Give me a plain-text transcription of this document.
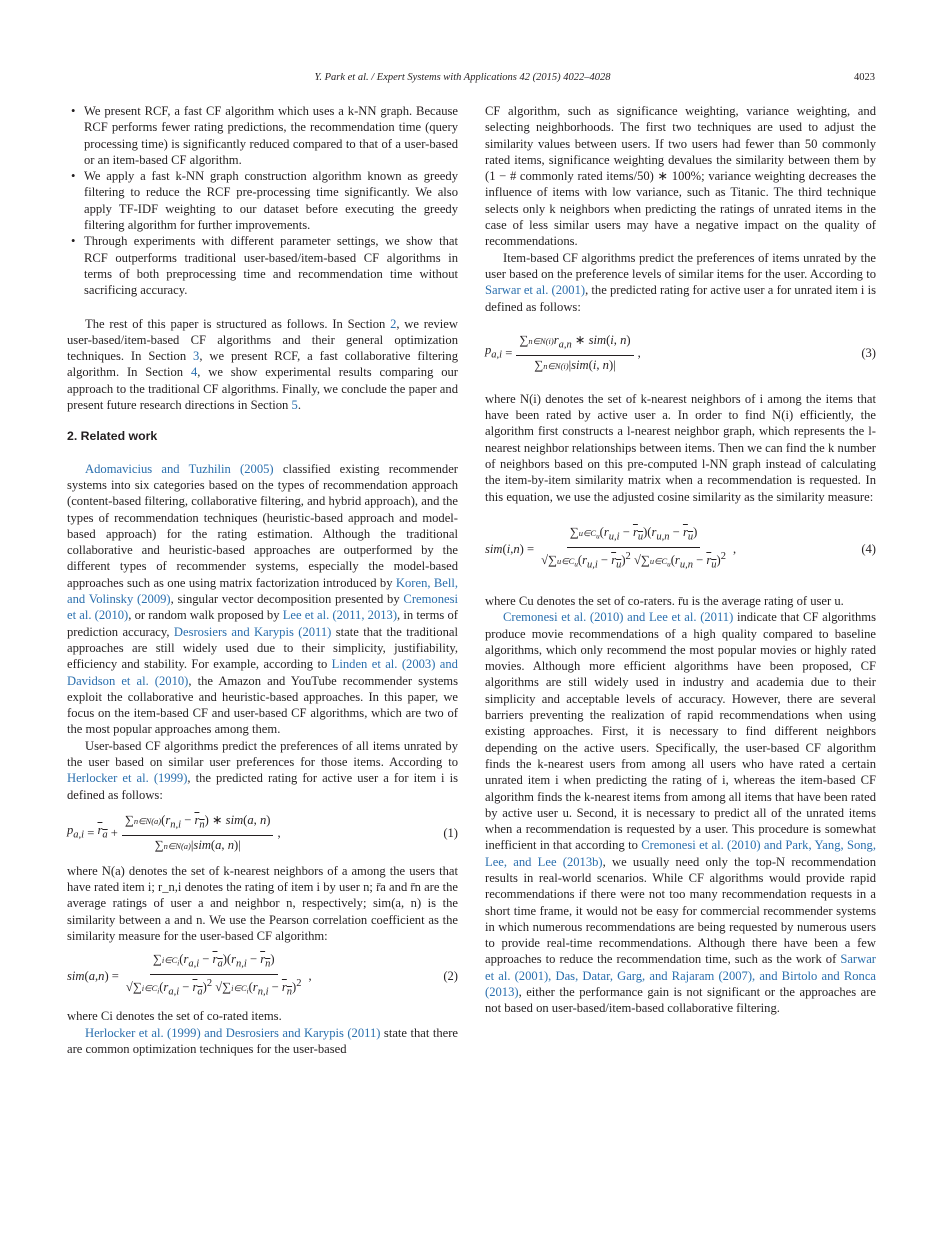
Y. Park et al. / Expert Systems with Applications 42 (2015) 4022–4028	4023
• We present RCF, a fast CF algorithm which uses a k-NN graph. Because RCF performs fewer rating predictions, the recommendation time (query processing time) is significantly reduced compared to that of a user-based or an item-based CF algorithm.
• We apply a fast k-NN graph construction algorithm known as greedy filtering to reduce the RCF pre-processing time significantly. We also apply TF-IDF weighting to our dataset before executing the greedy filtering algorithm for further improvements.
• Through experiments with different parameter settings, we show that RCF outperforms traditional user-based/item-based CF algorithms in terms of both preprocessing time and recommendation time without sacrificing accuracy.

The rest of this paper is structured as follows. In Section 2, we review user-based/item-based CF algorithms and their general optimization techniques. In Section 3, we present RCF, a fast collaborative filtering algorithm. In Section 4, we show experimental results comparing our approach to the traditional CF algorithms. Finally, we conclude the paper and present future research directions in Section 5.

2. Related work

Adomavicius and Tuzhilin (2005) classified existing recommender systems into six categories based on the types of recommendation approach (content-based filtering, collaborative filtering, and hybrid approach), and the types of recommendation techniques (heuristic-based approach and model-based approach) for the rating estimation. Although the traditional collaborative and heuristic-based approaches are outperformed by the different types of recommender systems, especially the model-based approaches such as one using matrix factorization introduced by Koren, Bell, and Volinsky (2009), singular vector decomposition presented by Cremonesi et al. (2010), or random walk proposed by Lee et al. (2011, 2013), in terms of prediction accuracy, Desrosiers and Karypis (2011) state that the traditional approaches are still widely used due to their simplicity, justifiability, efficiency and stability. For example, according to Linden et al. (2003) and Davidson et al. (2010), the Amazon and YouTube recommender systems exploit the collaborative and heuristic-based approaches. In this paper, we focus on the item-based CF and user-based CF algorithms, which are two of the most popular approaches among them.

User-based CF algorithms predict the preferences of all items unrated by the user based on similar user preferences for those items. According to Herlocker et al. (1999), the predicted rating for active user a for item i is defined as follows:

$p_{a,i} = r_a + \frac{\sum n\in N(a)(r_{n,i} - r_n) ∗ sim(a, n)}{\text{∑n∈N(a)|sim(a, n)|}}$ ,	(1)

where N(a) denotes the set of k-nearest neighbors of a among the users that have rated item i; r_n,i denotes the rating of item i by user n; r̄a and r̄n are the average ratings of user a and neighbor n, respectively; sim(a, n) is the similarity between a and n. We use the Pearson correlation coefficient as the similarity measure for the user-based CF algorithm:

sim ( a , n ) = $\frac{\sum i\in C_i(r_{a,i} - r_a)(r_{n,i} - r_n)}{√\sum i\in C_i(r_{a,i} - r_a)^2 √\sum i\in C_i(r_{n,i} - r_n)^2}$ ,	(2)

where Ci denotes the set of co-rated items.

Herlocker et al. (1999) and Desrosiers and Karypis (2011) state that there are common optimization techniques for the user-based

CF algorithm, such as significance weighting, variance weighting, and selecting neighborhoods. The first two techniques are used to adjust the similarity values between users. If two users had fewer than 50 commonly rated items, significance weighting devalues the similarity between them by (1 − # commonly rated items/50) ∗ 100%; variance weighting decreases the influence of items with low variance, such as Titanic. The third technique selects only k neighbors when predicting the ratings of unrated items in the case of less similar users may have a negative impact on the quality of recommendations.

Item-based CF algorithms predict the preferences of items unrated by the user based on the preference levels of similar items for the user. According to Sarwar et al. (2001), the predicted rating for active user a for unrated item i is defined as follows:

$p_{a,i} = \frac{\sum n\in N(i)r_{a,n} ∗ sim(i, n)}{\text{∑n∈N(i)|sim(i, n)|}}$ ,	(3)

where N(i) denotes the set of k-nearest neighbors of i among the items that have been rated by active user a. In order to find N(i) efficiently, the algorithm first constructs a l-nearest neighbor graph, which represents the l-nearest neighbor relationships between items. Then we can find the k number of neighbors based on this pre-computed l-NN graph instead of calculating the item-by-item similarity matrix when a recommendation is requested. In this equation, we use the adjusted cosine similarity as the similarity measure:

sim ( i , n ) = $\frac{\sum u\in C_u(r_{u,i} - r_u)(r_{u,n} - r_u)}{√\sum u\in C_u(r_{u,i} - r_u)^2 √\sum u\in C_u(r_{u,n} - r_u)^2}$ ,	(4)

where Cu denotes the set of co-raters. r̄u is the average rating of user u.

Cremonesi et al. (2010) and Lee et al. (2011) indicate that CF algorithms produce movie recommendations of a high quality compared to baseline algorithms, which only recommend the most popular movies or highly rated movies. Although more efficient algorithms have been proposed, CF algorithms are still widely used in industry and academia due to their simplicity and acceptable levels of accuracy. However, there are several barriers preventing the realization of rapid recommendations when using existing approaches. First, it is necessary to find different neighbors depending on the active users. Specifically, the user-based CF algorithm finds the k-nearest users from among all users who have rated a certain unrated item i when predicting the rating of i, whereas the item-based CF algorithm finds the k-nearest items from among all items that have been rated by active user u. Second, it is necessary to predict all of the unrated items when a recommendation is requested by a user. This procedure is somewhat inefficient in that according to Cremonesi et al. (2010) and Park, Yang, Song, Lee, and Lee (2013b), we usually need only the top-N recommendation results in real-world scenarios. While CF algorithms would provide rapid recommendations if there were not too many recommendation requests in a short time frame, it would not be easy for commercial recommender systems in which numerous recommendations are being requested by numerous users to provide real-time recommendations. Although there have been a few approaches to reduce the recommendation time, such as the work of Sarwar et al. (2001), Das, Datar, Garg, and Rajaram (2007), and Birtolo and Ronca (2013), either the performance gain is not significant or the approaches are not based on user-based/item-based collaborative filtering.
